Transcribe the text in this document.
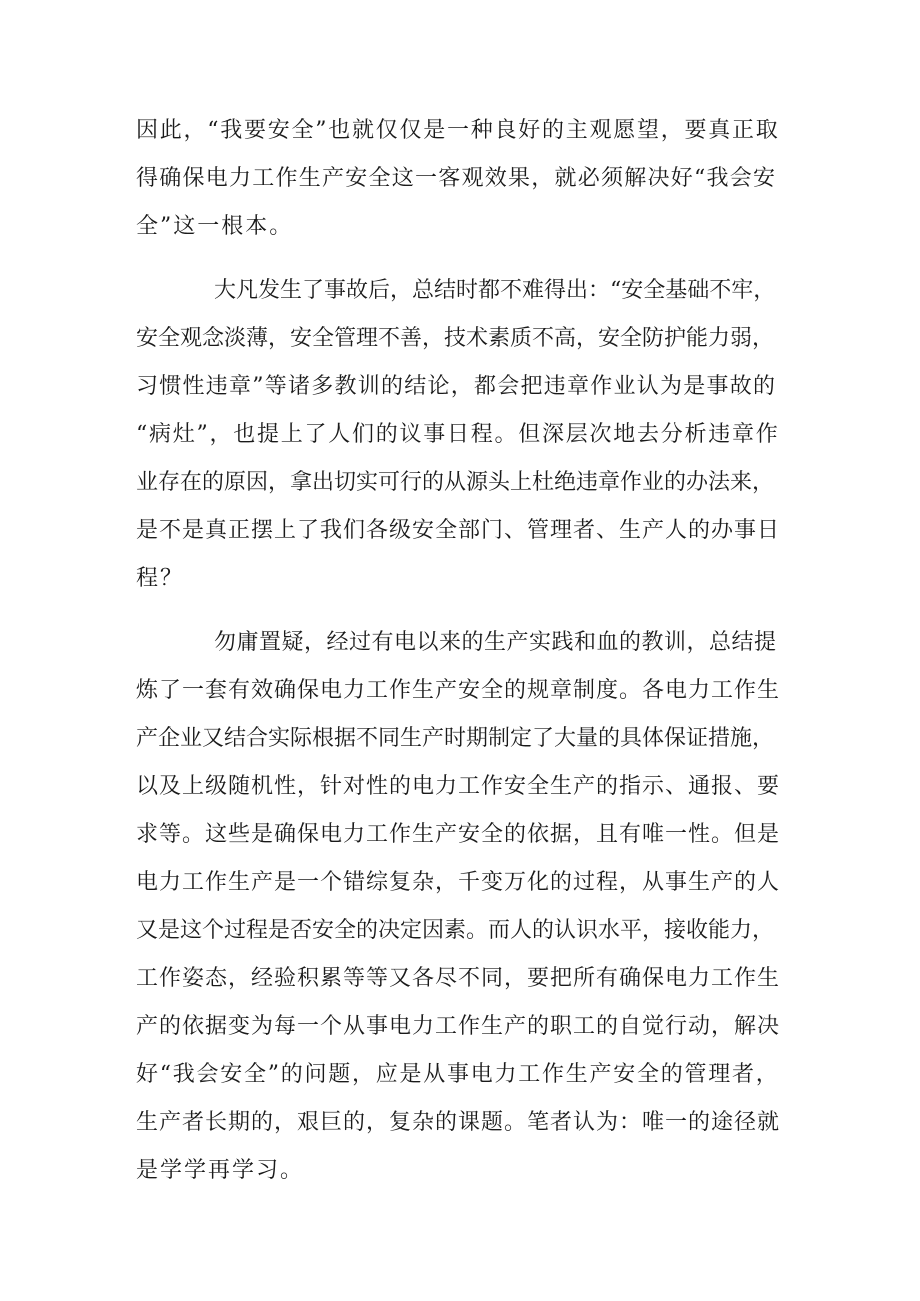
因此，“我要安全”也就仅仅是一种良好的主观愿望，要真正取
得确保电力工作生产安全这一客观效果，就必须解决好“我会安
全”这一根本。
大凡发生了事故后，总结时都不难得出：“安全基础不牢，
安全观念淡薄，安全管理不善，技术素质不高，安全防护能力弱，
习惯性违章”等诸多教训的结论，都会把违章作业认为是事故的
“病灶”，也提上了人们的议事日程。但深层次地去分析违章作
业存在的原因，拿出切实可行的从源头上杜绝违章作业的办法来，
是不是真正摆上了我们各级安全部门、管理者、生产人的办事日
程？
勿庸置疑，经过有电以来的生产实践和血的教训，总结提
炼了一套有效确保电力工作生产安全的规章制度。各电力工作生
产企业又结合实际根据不同生产时期制定了大量的具体保证措施，
以及上级随机性，针对性的电力工作安全生产的指示、通报、要
求等。这些是确保电力工作生产安全的依据，且有唯一性。但是
电力工作生产是一个错综复杂，千变万化的过程，从事生产的人
又是这个过程是否安全的决定因素。而人的认识水平，接收能力，
工作姿态，经验积累等等又各尽不同，要把所有确保电力工作生
产的依据变为每一个从事电力工作生产的职工的自觉行动，解决
好“我会安全”的问题，应是从事电力工作生产安全的管理者，
生产者长期的，艰巨的，复杂的课题。笔者认为：唯一的途径就
是学学再学习。
